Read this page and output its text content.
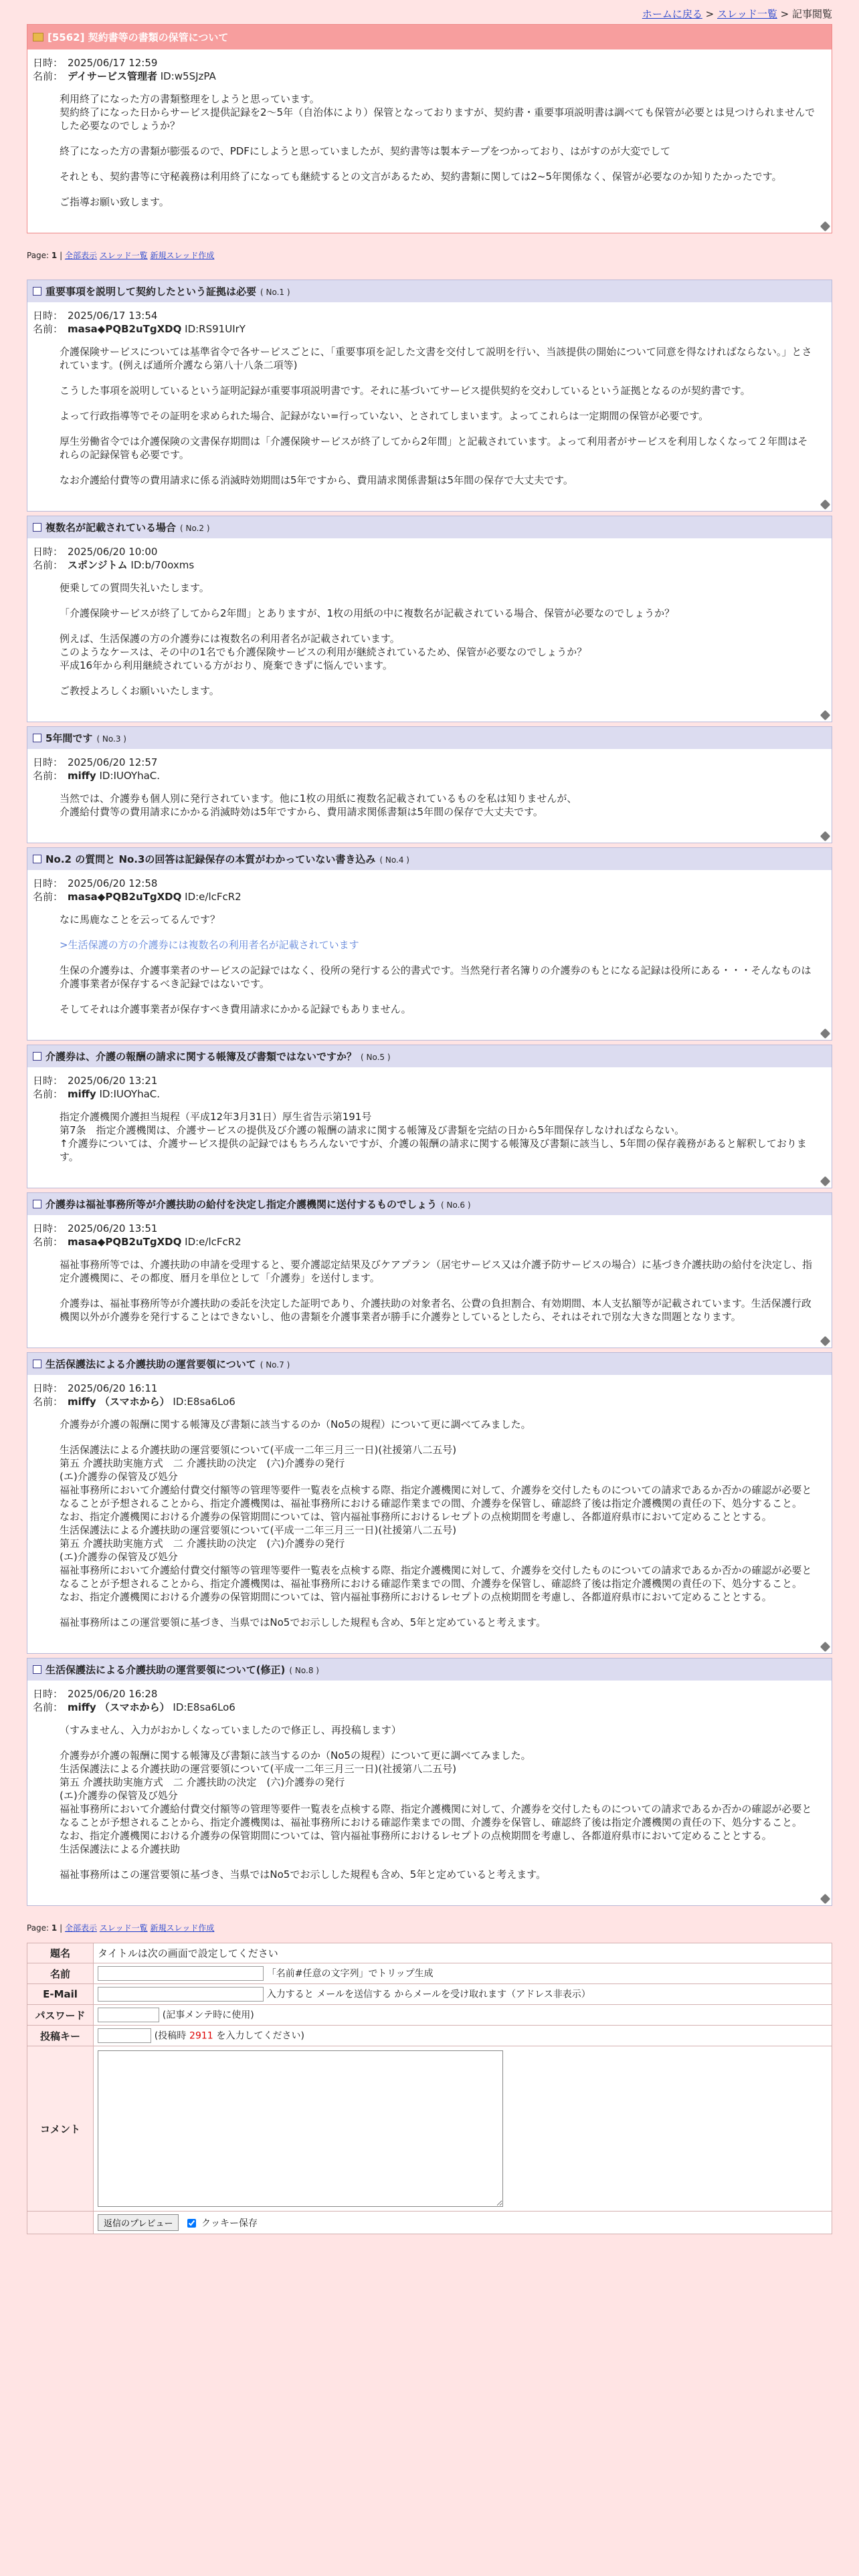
ホームに戻る > スレッド一覧 > 記事閲覧
[5562] 契約書等の書類の保管について
日時： 2025/06/17 12:59
名前： デイサービス管理者 ID:w5SJzPA

利用終了になった方の書類整理をしようと思っています。
契約終了になった日からサービス提供記録を2～5年（自治体により）保管となっておりますが、契約書・重要事項説明書は調べても保管が必要とは見つけられませんでした必要なのでしょうか？

終了になった方の書類が膨張るので、PDFにしようと思っていましたが、契約書等は製本テープをつかっており、はがすのが大変でして

それとも、契約書等に守秘義務は利用終了になっても継続するとの文言があるため、契約書類に関しては2~5年関係なく、保管が必要なのか知りたかったです。

ご指導お願い致します。

Page: 1 | 全部表示 スレッド一覧 新規スレッド作成
重要事項を説明して契約したという証拠は必要 ( No.1 )
日時： 2025/06/17 13:54
名前： masa◆PQB2uTgXDQ ID:RS91UIrY

介護保険サービスについては基準省令で各サービスごとに、「重要事項を記した文書を交付して説明を行い、当該提供の開始について同意を得なければならない。」とされています。(例えば通所介護なら第八十八条二項等)

こうした事項を説明しているという証明記録が重要事項説明書です。それに基づいてサービス提供契約を交わしているという証拠となるのが契約書です。

よって行政指導等でその証明を求められた場合、記録がない=行っていない、とされてしまいます。よってこれらは一定期間の保管が必要です。

厚生労働省令では介護保険の文書保存期間は「介護保険サービスが終了してから2年間」と記載されています。よって利用者がサービスを利用しなくなって２年間はそれらの記録保管も必要です。

なお介護給付費等の費用請求に係る消滅時効期間は5年ですから、費用請求関係書類は5年間の保存で大丈夫です。

複数名が記載されている場合 ( No.2 )
日時： 2025/06/20 10:00
名前： スポンジトム ID:b/70oxms

便乗しての質問失礼いたします。

「介護保険サービスが終了してから2年間」とありますが、1枚の用紙の中に複数名が記載されている場合、保管が必要なのでしょうか？

例えば、生活保護の方の介護券には複数名の利用者名が記載されています。
このようなケースは、その中の1名でも介護保険サービスの利用が継続されているため、保管が必要なのでしょうか？
平成16年から利用継続されている方がおり、廃棄できずに悩んでいます。

ご教授よろしくお願いいたします。

5年間です ( No.3 )
日時： 2025/06/20 12:57
名前： miffy ID:IUOYhaC.

当然では、介護券も個人別に発行されています。他に1枚の用紙に複数名記載されているものを私は知りませんが、
介護給付費等の費用請求にかかる消滅時効は5年ですから、費用請求関係書類は5年間の保存で大丈夫です。

No.2 の質問と No.3の回答は記録保存の本質がわかっていない書き込み ( No.4 )
日時： 2025/06/20 12:58
名前： masa◆PQB2uTgXDQ ID:e/lcFcR2

なに馬鹿なことを云ってるんです？

>生活保護の方の介護券には複数名の利用者名が記載されています

生保の介護券は、介護事業者のサービスの記録ではなく、役所の発行する公的書式です。当然発行者名簿りの介護券のもとになる記録は役所にある・・・そんなものは介護事業者が保存するべき記録ではないです。

そしてそれは介護事業者が保存すべき費用請求にかかる記録でもありません。

介護券は、介護の報酬の請求に関する帳簿及び書類ではないですか？ ( No.5 )
日時： 2025/06/20 13:21
名前： miffy ID:IUOYhaC.

指定介護機関介護担当規程（平成12年3月31日）厚生省告示第191号
第7条　指定介護機関は、介護サービスの提供及び介護の報酬の請求に関する帳簿及び書類を完結の日から5年間保存しなければならない。
↑介護券については、介護サービス提供の記録ではもちろんないですが、介護の報酬の請求に関する帳簿及び書類に該当し、5年間の保存義務があると解釈しております。

介護券は福祉事務所等が介護扶助の給付を決定し指定介護機関に送付するものでしょう ( No.6 )
日時： 2025/06/20 13:51
名前： masa◆PQB2uTgXDQ ID:e/lcFcR2

福祉事務所等では、介護扶助の申請を受理すると、要介護認定結果及びケアプラン（居宅サービス又は介護予防サービスの場合）に基づき介護扶助の給付を決定し、指定介護機関に、その都度、暦月を単位として「介護券」を送付します。

介護券は、福祉事務所等が介護扶助の委託を決定した証明であり、介護扶助の対象者名、公費の負担割合、有効期間、本人支払額等が記載されています。生活保護行政機関以外が介護券を発行することはできないし、他の書類を介護事業者が勝手に介護券としているとしたら、それはそれで別な大きな問題となります。

生活保護法による介護扶助の運営要領について ( No.7 )
日時： 2025/06/20 16:11
名前： miffy （スマホから） ID:E8sa6Lo6

介護券が介護の報酬に関する帳簿及び書類に該当するのか（No5の規程）について更に調べてみました。

生活保護法による介護扶助の運営要領について(平成一二年三月三一日)(社援第八二五号)
第五 介護扶助実施方式　二 介護扶助の決定　(六)介護券の発行
(エ)介護券の保管及び処分
福祉事務所において介護給付費交付額等の管理等要件一覧表を点検する際、指定介護機関に対して、介護券を交付したものについての請求であるか否かの確認が必要となることが予想されることから、指定介護機関は、福祉事務所における確認作業までの間、介護券を保管し、確認終了後は指定介護機関の責任の下、処分すること。
なお、指定介護機関における介護券の保管期間については、管内福祉事務所におけるレセプトの点検期間を考慮し、各都道府県市において定めることとする。
生活保護法による介護扶助の運営要領について(平成一二年三月三一日)(社援第八二五号)
第五 介護扶助実施方式　二 介護扶助の決定　(六)介護券の発行
(エ)介護券の保管及び処分
福祉事務所において介護給付費交付額等の管理等要件一覧表を点検する際、指定介護機関に対して、介護券を交付したものについての請求であるか否かの確認が必要となることが予想されることから、指定介護機関は、福祉事務所における確認作業までの間、介護券を保管し、確認終了後は指定介護機関の責任の下、処分すること。
なお、指定介護機関における介護券の保管期間については、管内福祉事務所におけるレセプトの点検期間を考慮し、各都道府県市において定めることとする。

福祉事務所はこの運営要領に基づき、当県ではNo5でお示しした規程も含め、5年と定めていると考えます。

生活保護法による介護扶助の運営要領について(修正) ( No.8 )
日時： 2025/06/20 16:28
名前： miffy （スマホから） ID:E8sa6Lo6

（すみません、入力がおかしくなっていましたので修正し、再投稿します）

介護券が介護の報酬に関する帳簿及び書類に該当するのか（No5の規程）について更に調べてみました。
生活保護法による介護扶助の運営要領について(平成一二年三月三一日)(社援第八二五号)
第五 介護扶助実施方式　二 介護扶助の決定　(六)介護券の発行
(エ)介護券の保管及び処分
福祉事務所において介護給付費交付額等の管理等要件一覧表を点検する際、指定介護機関に対して、介護券を交付したものについての請求であるか否かの確認が必要となることが予想されることから、指定介護機関は、福祉事務所における確認作業までの間、介護券を保管し、確認終了後は指定介護機関の責任の下、処分すること。
なお、指定介護機関における介護券の保管期間については、管内福祉事務所におけるレセプトの点検期間を考慮し、各都道府県市において定めることとする。
生活保護法による介護扶助

福祉事務所はこの運営要領に基づき、当県ではNo5でお示しした規程も含め、5年と定めていると考えます。

Page: 1 | 全部表示 スレッド一覧 新規スレッド作成
題名	タイトルは次の画面で設定してください
名前	「名前#任意の文字列」でトリップ生成
E-Mail	入力すると メールを送信する からメールを受け取れます（アドレス非表示）
パスワード	(記事メンテ時に使用)
投稿キー	(投稿時 2911 を入力してください)
コメント	

	返信のプレビュー クッキー保存
